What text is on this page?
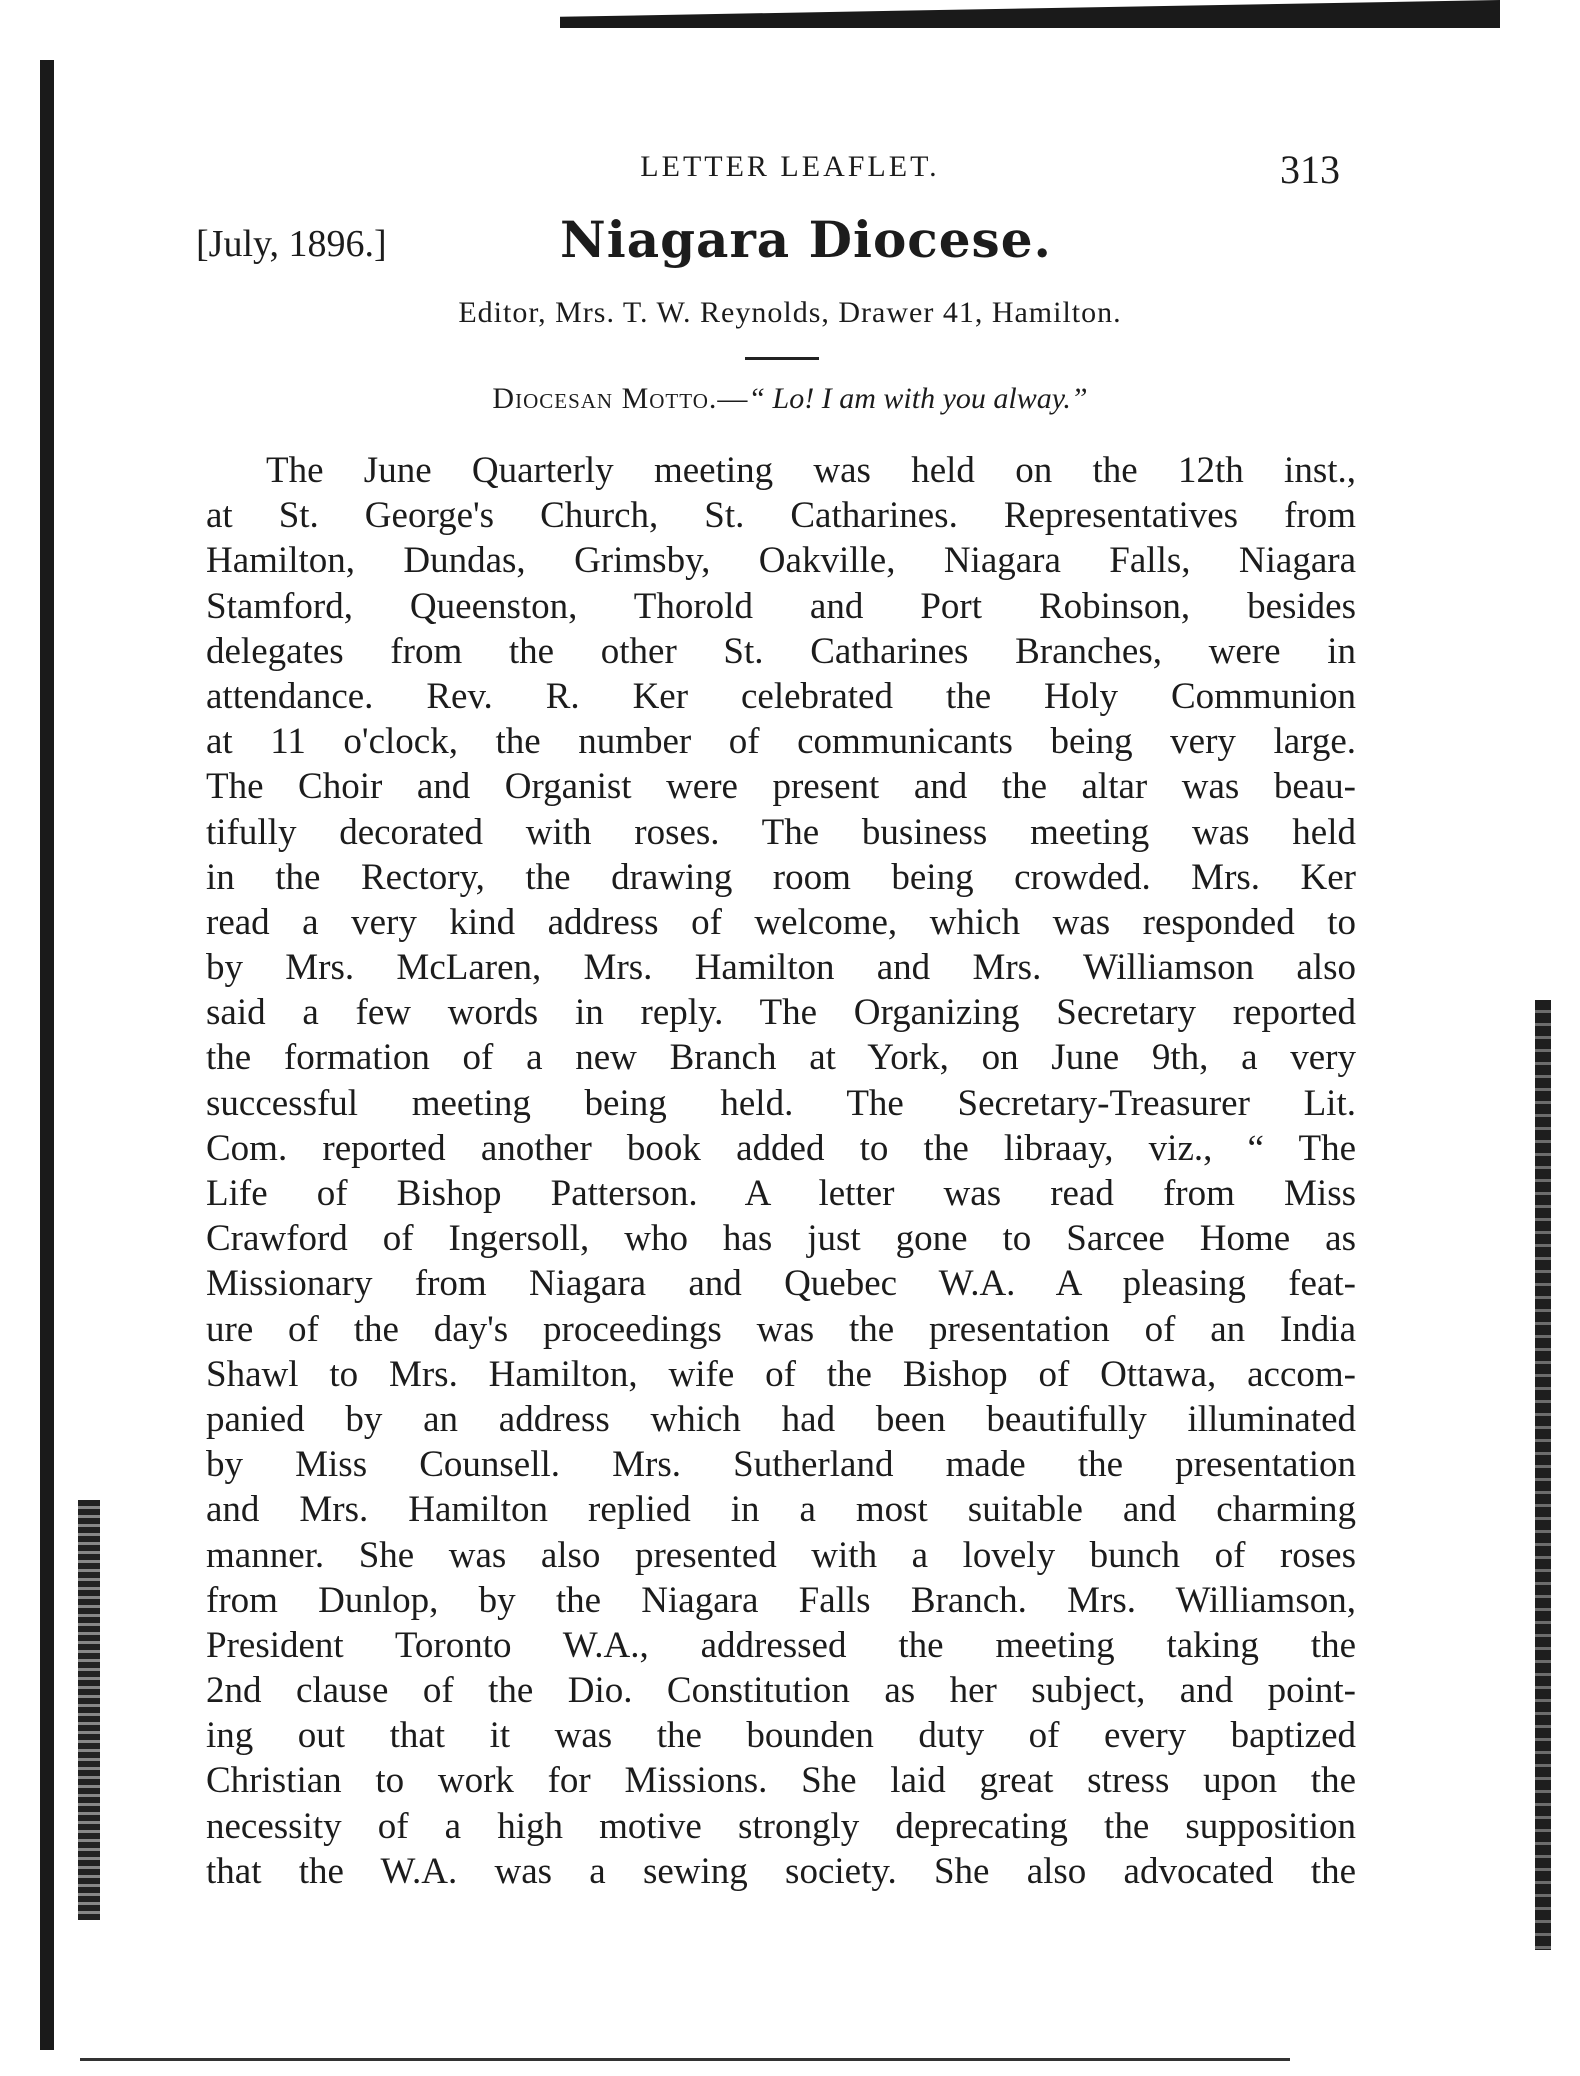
LETTER LEAFLET.	313
[July, 1896.]	Niagara Diocese.
Editor, Mrs. T. W. Reynolds, Drawer 41, Hamilton.
Diocesan Motto.—“ Lo! I am with you alway.”
The June Quarterly meeting was held on the 12th inst.,
at St. George's Church, St. Catharines. Representatives from
Hamilton, Dundas, Grimsby, Oakville, Niagara Falls, Niagara
Stamford, Queenston, Thorold and Port Robinson, besides
delegates from the other St. Catharines Branches, were in
attendance. Rev. R. Ker celebrated the Holy Communion
at 11 o'clock, the number of communicants being very large.
The Choir and Organist were present and the altar was beau-
tifully decorated with roses. The business meeting was held
in the Rectory, the drawing room being crowded. Mrs. Ker
read a very kind address of welcome, which was responded to
by Mrs. McLaren, Mrs. Hamilton and Mrs. Williamson also
said a few words in reply. The Organizing Secretary reported
the formation of a new Branch at York, on June 9th, a very
successful meeting being held. The Secretary-Treasurer Lit.
Com. reported another book added to the libraay, viz., “ The
Life of Bishop Patterson. A letter was read from Miss
Crawford of Ingersoll, who has just gone to Sarcee Home as
Missionary from Niagara and Quebec W.A. A pleasing feat-
ure of the day's proceedings was the presentation of an India
Shawl to Mrs. Hamilton, wife of the Bishop of Ottawa, accom-
panied by an address which had been beautifully illuminated
by Miss Counsell. Mrs. Sutherland made the presentation
and Mrs. Hamilton replied in a most suitable and charming
manner. She was also presented with a lovely bunch of roses
from Dunlop, by the Niagara Falls Branch. Mrs. Williamson,
President Toronto W.A., addressed the meeting taking the
2nd clause of the Dio. Constitution as her subject, and point-
ing out that it was the bounden duty of every baptized
Christian to work for Missions. She laid great stress upon the
necessity of a high motive strongly deprecating the supposition
that the W.A. was a sewing society. She also advocated the
